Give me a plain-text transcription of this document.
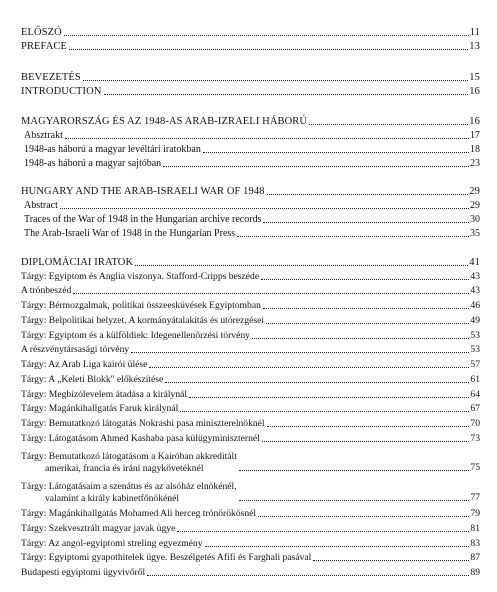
ELŐSZÓ	11
PREFACE	13
BEVEZETÉS	15
INTRODUCTION	16
MAGYARORSZÁG ÉS AZ 1948-AS ARAB-IZRAELI HÁBORÚ	16
Absztrakt	17
1948-as háború a magyar levéltári iratokban	18
1948-as háború a magyar sajtóban	23
HUNGARY AND THE ARAB-ISRAELI WAR OF 1948	29
Abstract	29
Traces of the War of 1948 in the Hungarian archive records	30
The Arab-Israeli War of 1948 in the Hungarian Press	35
DIPLOMÁCIAI IRATOK	41
Tárgy: Egyiptom és Anglia viszonya. Stafford-Cripps beszéde	43
A trónbeszéd	43
Tárgy: Bérmozgalmak, politikai összeesküvések Egyiptomban	46
Tárgy: Belpolitikai helyzet. A kormányátalakítás és utórezgései	49
Tárgy: Egyiptom és a külföldiek: Idegenellenőrzési törvény	53
A részvénytársasági törvény	53
Tárgy: Az Arab Liga kairói ülése	57
Tárgy: A „Keleti Blokk" előkészítése	61
Tárgy: Megbízólevelem átadása a királynál	64
Tárgy: Magánkihallgatás Faruk királynál	67
Tárgy: Bemutatkozó látogatás Nokrashi pasa miniszterelnöknél	70
Tárgy: Látogatásom Ahmed Kashaba pasa külügyminiszternél	73
Tárgy: Bemutatkozó látogatásom a Kairóban akkreditált
amerikai, francia és iráni nagykövetéknél	75
Tárgy: Látogatásaim a szenátus és az alsóház elnökénél,
valamint a király kabinetfőnökénél	77
Tárgy: Magánkihallgatás Mohamed Ali herceg trónörökösnél	79
Tárgy: Szekvesztrált magyar javak ügye	81
Tárgy: Az angol-egyiptomi streling egyezmény	83
Tárgy: Egyiptomi gyapothitelek ügye. Beszélgetés Afifi és Farghali pasával	87
Budapesti egyiptomi ügyvivőről	89
